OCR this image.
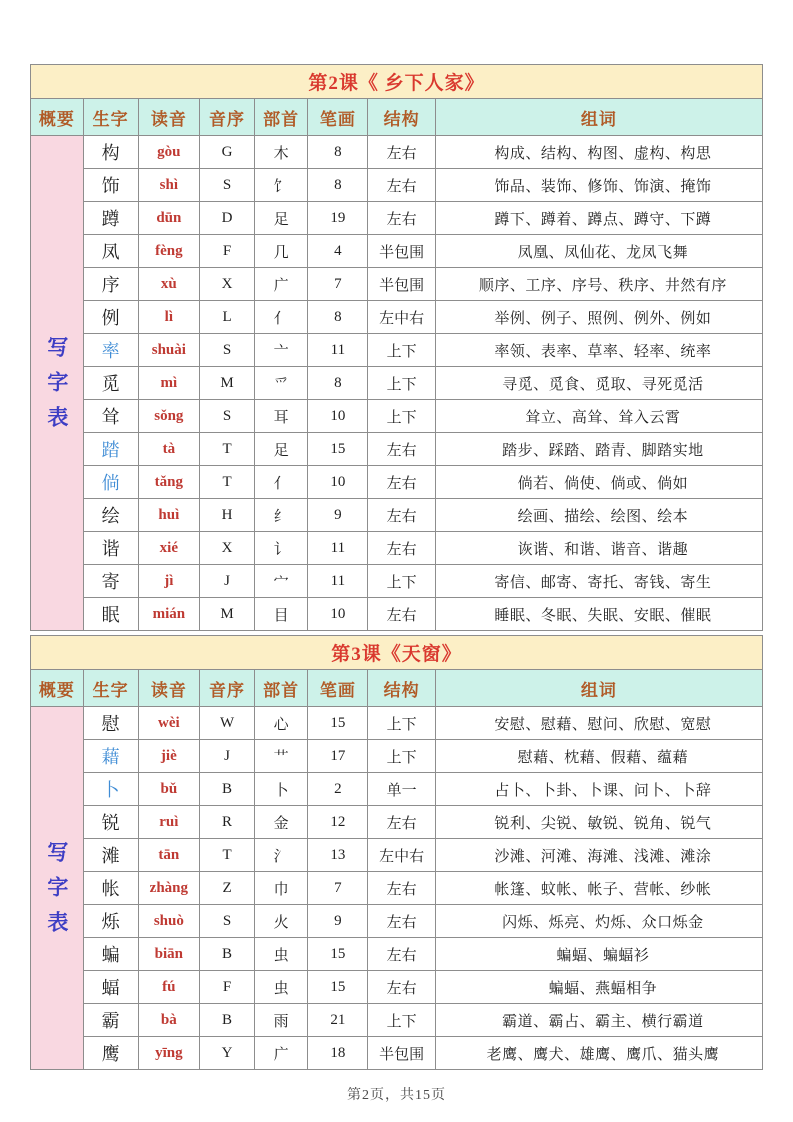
第2课《 乡下人家》							
概要	生字	读音	音序	部首	笔画	结构	组词
写字表	构	gòu	G	木	8	左右	构成、结构、构图、虚构、构思
	饰	shì	S	饣	8	左右	饰品、装饰、修饰、饰演、掩饰
	蹲	dūn	D	足	19	左右	蹲下、蹲着、蹲点、蹲守、下蹲
	凤	fèng	F	几	4	半包围	凤凰、凤仙花、龙凤飞舞
	序	xù	X	广	7	半包围	顺序、工序、序号、秩序、井然有序
	例	lì	L	亻	8	左中右	举例、例子、照例、例外、例如
	率	shuài	S	亠	11	上下	率领、表率、草率、轻率、统率
	觅	mì	M	爫	8	上下	寻觅、觅食、觅取、寻死觅活
	耸	sǒng	S	耳	10	上下	耸立、高耸、耸入云霄
	踏	tà	T	足	15	左右	踏步、踩踏、踏青、脚踏实地
	倘	tǎng	T	亻	10	左右	倘若、倘使、倘或、倘如
	绘	huì	H	纟	9	左右	绘画、描绘、绘图、绘本
	谐	xié	X	讠	11	左右	诙谐、和谐、谐音、谐趣
	寄	jì	J	宀	11	上下	寄信、邮寄、寄托、寄钱、寄生
	眠	mián	M	目	10	左右	睡眠、冬眠、失眠、安眠、催眠
第3课《天窗》							
概要	生字	读音	音序	部首	笔画	结构	组词
写字表	慰	wèi	W	心	15	上下	安慰、慰藉、慰问、欣慰、宽慰
	藉	jiè	J	艹	17	上下	慰藉、枕藉、假藉、蕴藉
	卜	bǔ	B	卜	2	单一	占卜、卜卦、卜课、问卜、卜辞
	锐	ruì	R	金	12	左右	锐利、尖锐、敏锐、锐角、锐气
	滩	tān	T	氵	13	左中右	沙滩、河滩、海滩、浅滩、滩涂
	帐	zhàng	Z	巾	7	左右	帐篷、蚊帐、帐子、营帐、纱帐
	烁	shuò	S	火	9	左右	闪烁、烁亮、灼烁、众口烁金
	蝙	biān	B	虫	15	左右	蝙蝠、蝙蝠衫
	蝠	fú	F	虫	15	左右	蝙蝠、燕蝠相争
	霸	bà	B	雨	21	上下	霸道、霸占、霸主、横行霸道
	鹰	yīng	Y	广	18	半包围	老鹰、鹰犬、雄鹰、鹰爪、猫头鹰
第2页，共15页
